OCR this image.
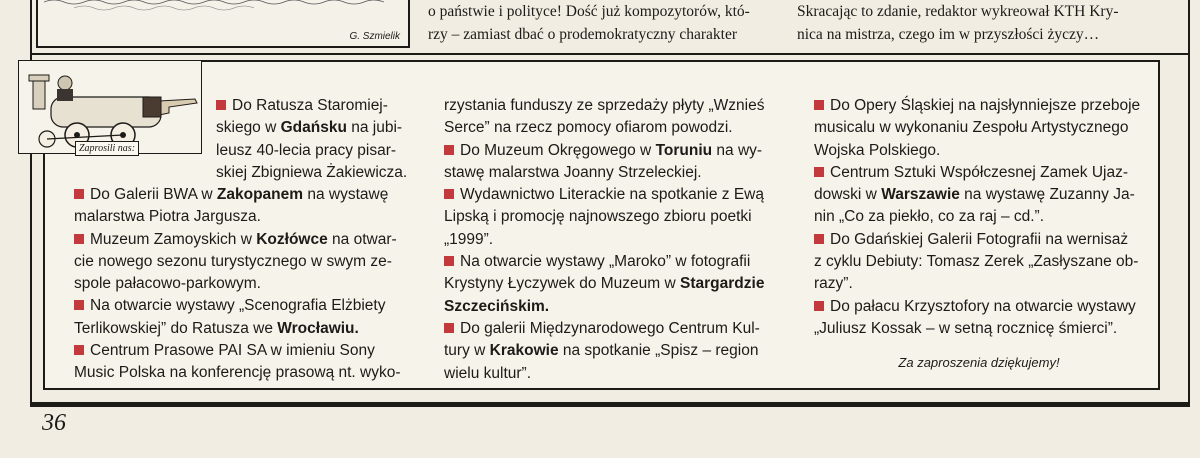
G. Szmielik
o państwie i polityce! Dość już kompozytorów, któ-
rzy – zamiast dbać o prodemokratyczny charakter
Skracając to zdanie, redaktor wykreował KTH Kry-
nica na mistrza, czego im w przyszłości życzy…
Zaprosili nas:

Do Ratusza Staromiej-

skiego w Gdańsku na jubi-

leusz 40-lecia pracy pisar-

skiej Zbigniewa Żakiewicza.

Do Galerii BWA w Zakopanem na wystawę

malarstwa Piotra Jargusza.

Muzeum Zamoyskich w Kozłówce na otwar-

cie nowego sezonu turystycznego w swym ze-

spole pałacowo-parkowym.

Na otwarcie wystawy „Scenografia Elżbiety

Terlikowskiej” do Ratusza we Wrocławiu.

Centrum Prasowe PAI SA w imieniu Sony

Music Polska na konferencję prasową nt. wyko-

rzystania funduszy ze sprzedaży płyty „Wznieś

Serce” na rzecz pomocy ofiarom powodzi.

Do Muzeum Okręgowego w Toruniu na wy-

stawę malarstwa Joanny Strzeleckiej.

Wydawnictwo Literackie na spotkanie z Ewą

Lipską i promocję najnowszego zbioru poetki

„1999”.

Na otwarcie wystawy „Maroko” w fotografii

Krystyny Łyczywek do Muzeum w Stargardzie

Szczecińskim.

Do galerii Międzynarodowego Centrum Kul-

tury w Krakowie na spotkanie „Spisz – region

wielu kultur”.

Do Opery Śląskiej na najsłynniejsze przeboje

musicalu w wykonaniu Zespołu Artystycznego

Wojska Polskiego.

Centrum Sztuki Współczesnej Zamek Ujaz-

dowski w Warszawie na wystawę Zuzanny Ja-

nin „Co za piekło, co za raj – cd.”.

Do Gdańskiej Galerii Fotografii na wernisaż

z cyklu Debiuty: Tomasz Zerek „Zasłyszane ob-

razy”.

Do pałacu Krzysztofory na otwarcie wystawy

„Juliusz Kossak – w setną rocznicę śmierci”.

Za zaproszenia dziękujemy!

36
